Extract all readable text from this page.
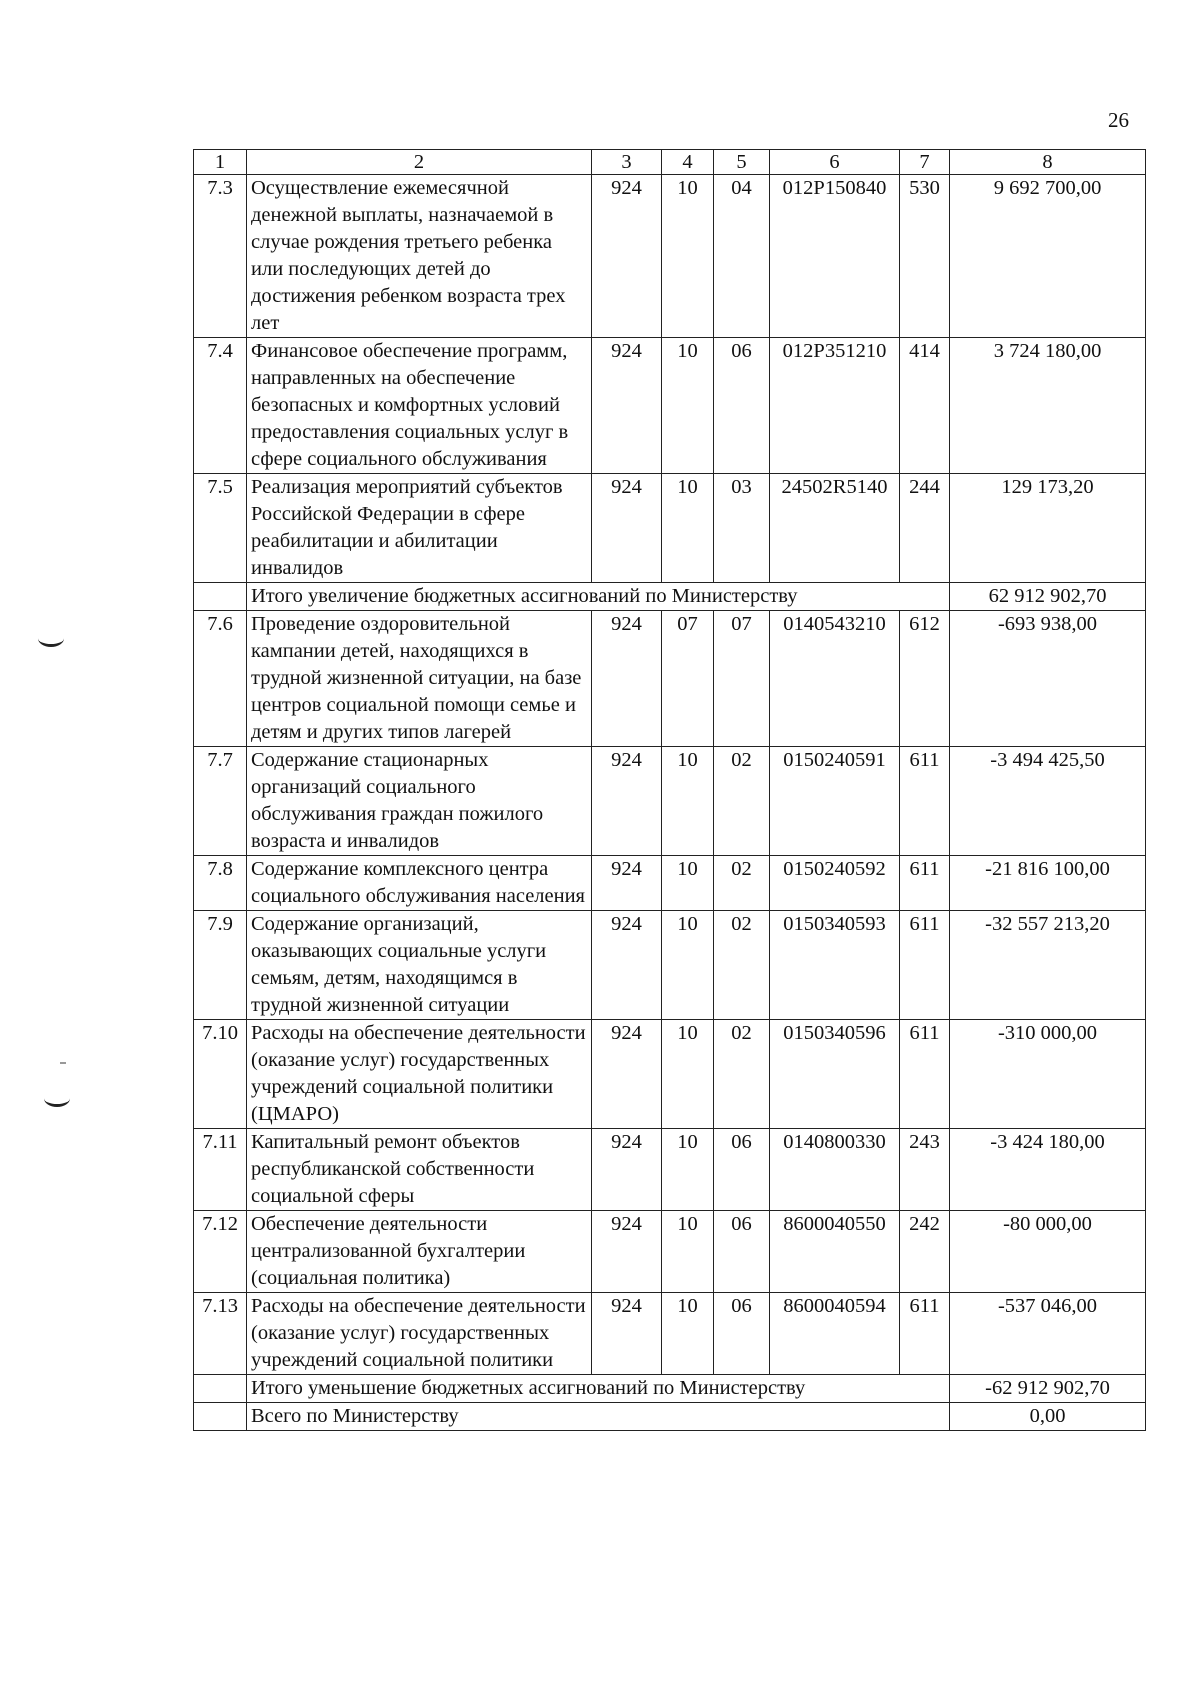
26
1	2	3	4	5	6	7	8
7.3	Осуществление ежемесячной денежной выплаты, назначаемой в случае рождения третьего ребенка или последующих детей до достижения ребенком возраста трех лет	924	10	04	012P150840	530	9 692 700,00
7.4	Финансовое обеспечение программ, направленных на обеспечение безопасных и комфортных условий предоставления социальных услуг в сфере социального обслуживания	924	10	06	012P351210	414	3 724 180,00
7.5	Реализация мероприятий субъектов Российской Федерации в сфере реабилитации и абилитации инвалидов	924	10	03	24502R5140	244	129 173,20
	Итого увеличение бюджетных ассигнований по Министерству						62 912 902,70
7.6	Проведение оздоровительной кампании детей, находящихся в трудной жизненной ситуации, на базе центров социальной помощи семье и детям и других типов лагерей	924	07	07	0140543210	612	-693 938,00
7.7	Содержание стационарных организаций социального обслуживания граждан пожилого возраста и инвалидов	924	10	02	0150240591	611	-3 494 425,50
7.8	Содержание комплексного центра социального обслуживания населения	924	10	02	0150240592	611	-21 816 100,00
7.9	Содержание организаций, оказывающих социальные услуги семьям, детям, находящимся в трудной жизненной ситуации	924	10	02	0150340593	611	-32 557 213,20
7.10	Расходы на обеспечение деятельности (оказание услуг) государственных учреждений социальной политики (ЦМАРО)	924	10	02	0150340596	611	-310 000,00
7.11	Капитальный ремонт объектов республиканской собственности социальной сферы	924	10	06	0140800330	243	-3 424 180,00
7.12	Обеспечение деятельности централизованной бухгалтерии (социальная политика)	924	10	06	8600040550	242	-80 000,00
7.13	Расходы на обеспечение деятельности (оказание услуг) государственных учреждений социальной политики	924	10	06	8600040594	611	-537 046,00
	Итого уменьшение бюджетных ассигнований по Министерству						-62 912 902,70
	Всего по Министерству						0,00
